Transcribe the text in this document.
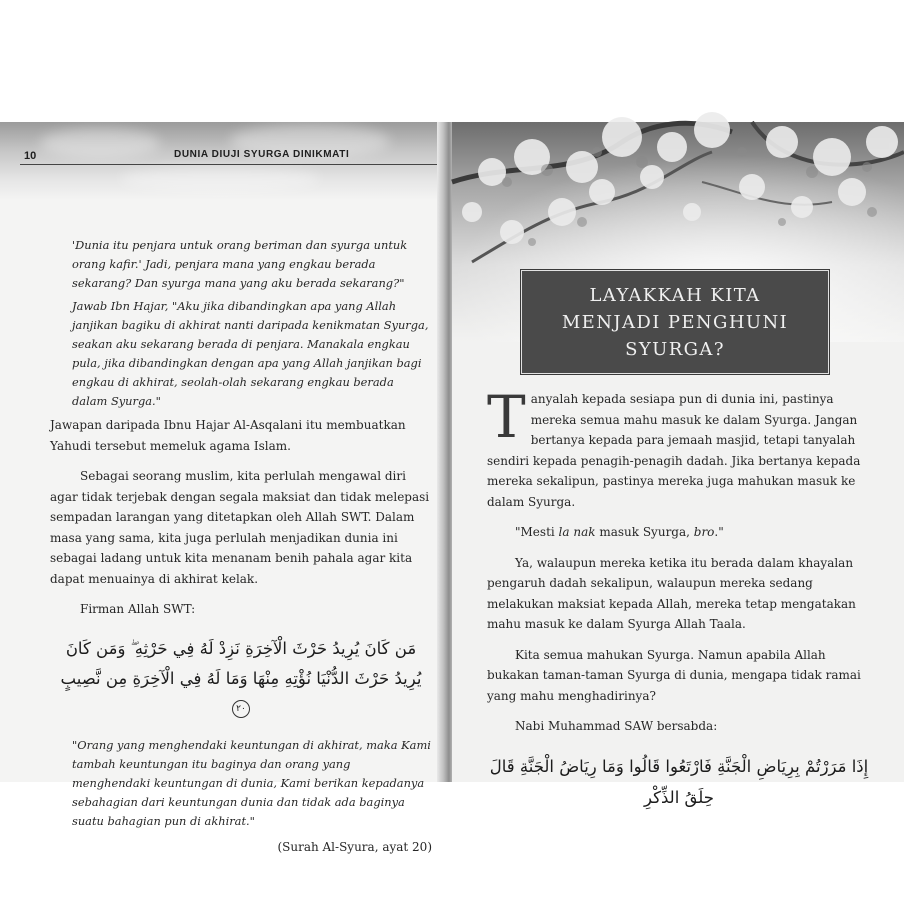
10	DUNIA DIUJI SYURGA DINIKMATI

'Dunia itu penjara untuk orang beriman dan syurga untuk orang kafir.' Jadi, penjara mana yang engkau berada sekarang? Dan syurga mana yang aku berada sekarang?"

Jawab Ibn Hajar, "Aku jika dibandingkan apa yang Allah janjikan bagiku di akhirat nanti daripada kenikmatan Syurga, seakan aku sekarang berada di penjara. Manakala engkau pula, jika dibandingkan dengan apa yang Allah janjikan bagi engkau di akhirat, seolah-olah sekarang engkau berada dalam Syurga."

Jawapan daripada Ibnu Hajar Al-Asqalani itu membuatkan Yahudi tersebut memeluk agama Islam.

Sebagai seorang muslim, kita perlulah mengawal diri agar tidak terjebak dengan segala maksiat dan tidak melepasi sempadan larangan yang ditetapkan oleh Allah SWT. Dalam masa yang sama, kita juga perlulah menjadikan dunia ini sebagai ladang untuk kita menanam benih pahala agar kita dapat menuainya di akhirat kelak.

Firman Allah SWT:

مَن كَانَ يُرِيدُ حَرْثَ الْآخِرَةِ نَزِدْ لَهُ فِي حَرْثِهِ ۖ وَمَن كَانَ يُرِيدُ حَرْثَ الدُّنْيَا نُؤْتِهِ مِنْهَا وَمَا لَهُ فِي الْآخِرَةِ مِن نَّصِيبٍ ٢٠

"Orang yang menghendaki keuntungan di akhirat, maka Kami tambah keuntungan itu baginya dan orang yang menghendaki keuntungan di dunia, Kami berikan kepadanya sebahagian dari keuntungan dunia dan tidak ada baginya suatu bahagian pun di akhirat."

(Surah Al-Syura, ayat 20)

LAYAKKAH KITA
MENJADI PENGHUNI
SYURGA?

Tanyalah kepada sesiapa pun di dunia ini, pastinya mereka semua mahu masuk ke dalam Syurga. Jangan bertanya kepada para jemaah masjid, tetapi tanyalah sendiri kepada penagih-penagih dadah. Jika bertanya kepada mereka sekalipun, pastinya mereka juga mahukan masuk ke dalam Syurga.

"Mesti la nak masuk Syurga, bro."

Ya, walaupun mereka ketika itu berada dalam khayalan pengaruh dadah sekalipun, walaupun mereka sedang melakukan maksiat kepada Allah, mereka tetap mengatakan mahu masuk ke dalam Syurga Allah Taala.

Kita semua mahukan Syurga. Namun apabila Allah bukakan taman-taman Syurga di dunia, mengapa tidak ramai yang mahu menghadirinya?

Nabi Muhammad SAW bersabda:

إِذَا مَرَرْتُمْ بِرِيَاضِ الْجَنَّةِ فَارْتَعُوا قَالُوا وَمَا رِيَاضُ الْجَنَّةِ قَالَ حِلَقُ الذِّكْرِ
